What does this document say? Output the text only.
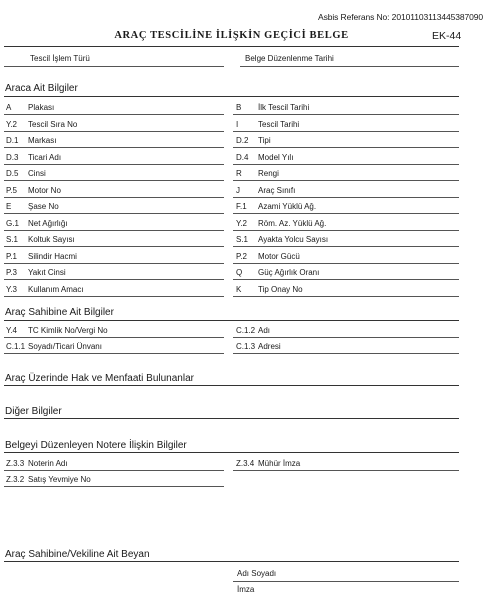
Asbis Referans No: 20101103113445387090
ARAÇ TESCİLİNE İLİŞKİN GEÇİCİ BELGE	EK-44
Tescil İşlem Türü	Belge Düzenlenme Tarihi
Araca Ait Bilgiler
A Plakası	B İlk Tescil Tarihi
Y.2 Tescil Sıra No	I Tescil Tarihi
D.1 Markası	D.2 Tipi
D.3 Ticari Adı	D.4 Model Yılı
D.5 Cinsi	R Rengi
P.5 Motor No	J Araç Sınıfı
E Şase No	F.1 Azami Yüklü Ağ.
G.1 Net Ağırlığı	Y.2 Röm. Az. Yüklü Ağ.
S.1 Koltuk Sayısı	S.1 Ayakta Yolcu Sayısı
P.1 Silindir Hacmi	P.2 Motor Gücü
P.3 Yakıt Cinsi	Q Güç Ağırlık Oranı
Y.3 Kullanım Amacı	K Tip Onay No
Araç Sahibine Ait Bilgiler
Y.4 TC Kimlik No/Vergi No	C.1.2 Adı
C.1.1 Soyadı/Ticari Ünvanı	C.1.3 Adresi
Araç Üzerinde Hak ve Menfaati Bulunanlar
Diğer Bilgiler
Belgeyi Düzenleyen Notere İlişkin Bilgiler
Z.3.3 Noterin Adı	Z.3.4 Mühür İmza
Z.3.2 Satış Yevmiye No
Araç Sahibine/Vekiline Ait Beyan
Adı Soyadı
İmza
